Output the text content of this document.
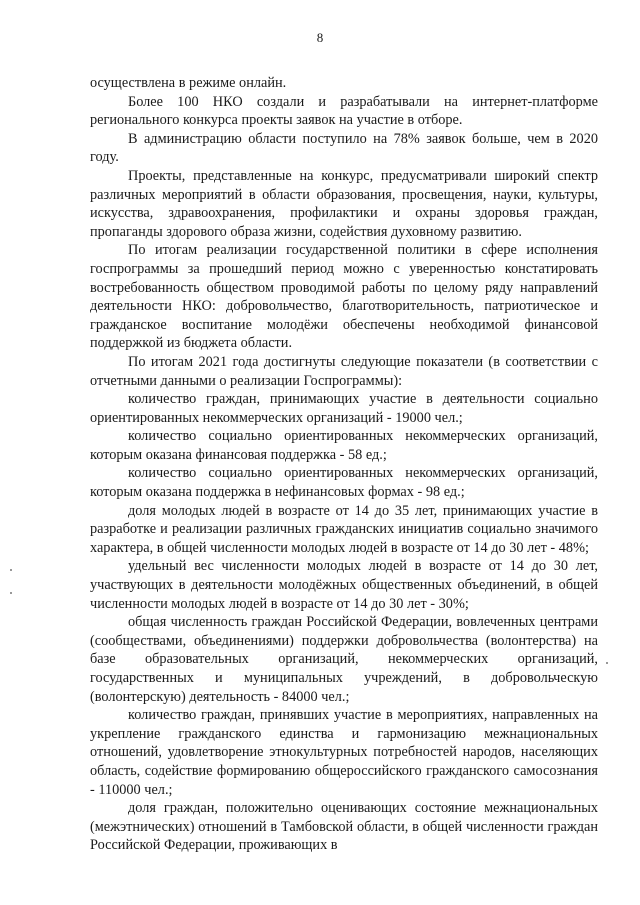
8

осуществлена в режиме онлайн.

Более 100 НКО создали и разрабатывали на интернет-платформе регионального конкурса проекты заявок на участие в отборе.

В администрацию области поступило на 78% заявок больше, чем в 2020 году.

Проекты, представленные на конкурс, предусматривали широкий спектр различных мероприятий в области образования, просвещения, науки, культуры, искусства, здравоохранения, профилактики и охраны здоровья граждан, пропаганды здорового образа жизни, содействия духовному развитию.

По итогам реализации государственной политики в сфере исполнения госпрограммы за прошедший период можно с уверенностью констатировать востребованность обществом проводимой работы по целому ряду направлений деятельности НКО: добровольчество, благотворительность, патриотическое и гражданское воспитание молодёжи обеспечены необходимой финансовой поддержкой из бюджета области.

По итогам 2021 года достигнуты следующие показатели (в соответствии с отчетными данными о реализации Госпрограммы):

количество граждан, принимающих участие в деятельности социально ориентированных некоммерческих организаций - 19000 чел.;

количество социально ориентированных некоммерческих организаций, которым оказана финансовая поддержка - 58 ед.;

количество социально ориентированных некоммерческих организаций, которым оказана поддержка в нефинансовых формах - 98 ед.;

доля молодых людей в возрасте от 14 до 35 лет, принимающих участие в разработке и реализации различных гражданских инициатив социально значимого характера, в общей численности молодых людей в возрасте от 14 до 30 лет - 48%;

удельный вес численности молодых людей в возрасте от 14 до 30 лет, участвующих в деятельности молодёжных общественных объединений, в общей численности молодых людей в возрасте от 14 до 30 лет - 30%;

общая численность граждан Российской Федерации, вовлеченных центрами (сообществами, объединениями) поддержки добровольчества (волонтерства) на базе образовательных организаций, некоммерческих организаций, государственных и муниципальных учреждений, в добровольческую (волонтерскую) деятельность - 84000 чел.;

количество граждан, принявших участие в мероприятиях, направленных на укрепление гражданского единства и гармонизацию межнациональных отношений, удовлетворение этнокультурных потребностей народов, населяющих область, содействие формированию общероссийского гражданского самосознания - 110000 чел.;

доля граждан, положительно оценивающих состояние межнациональных (межэтнических) отношений в Тамбовской области, в общей численности граждан Российской Федерации, проживающих в
